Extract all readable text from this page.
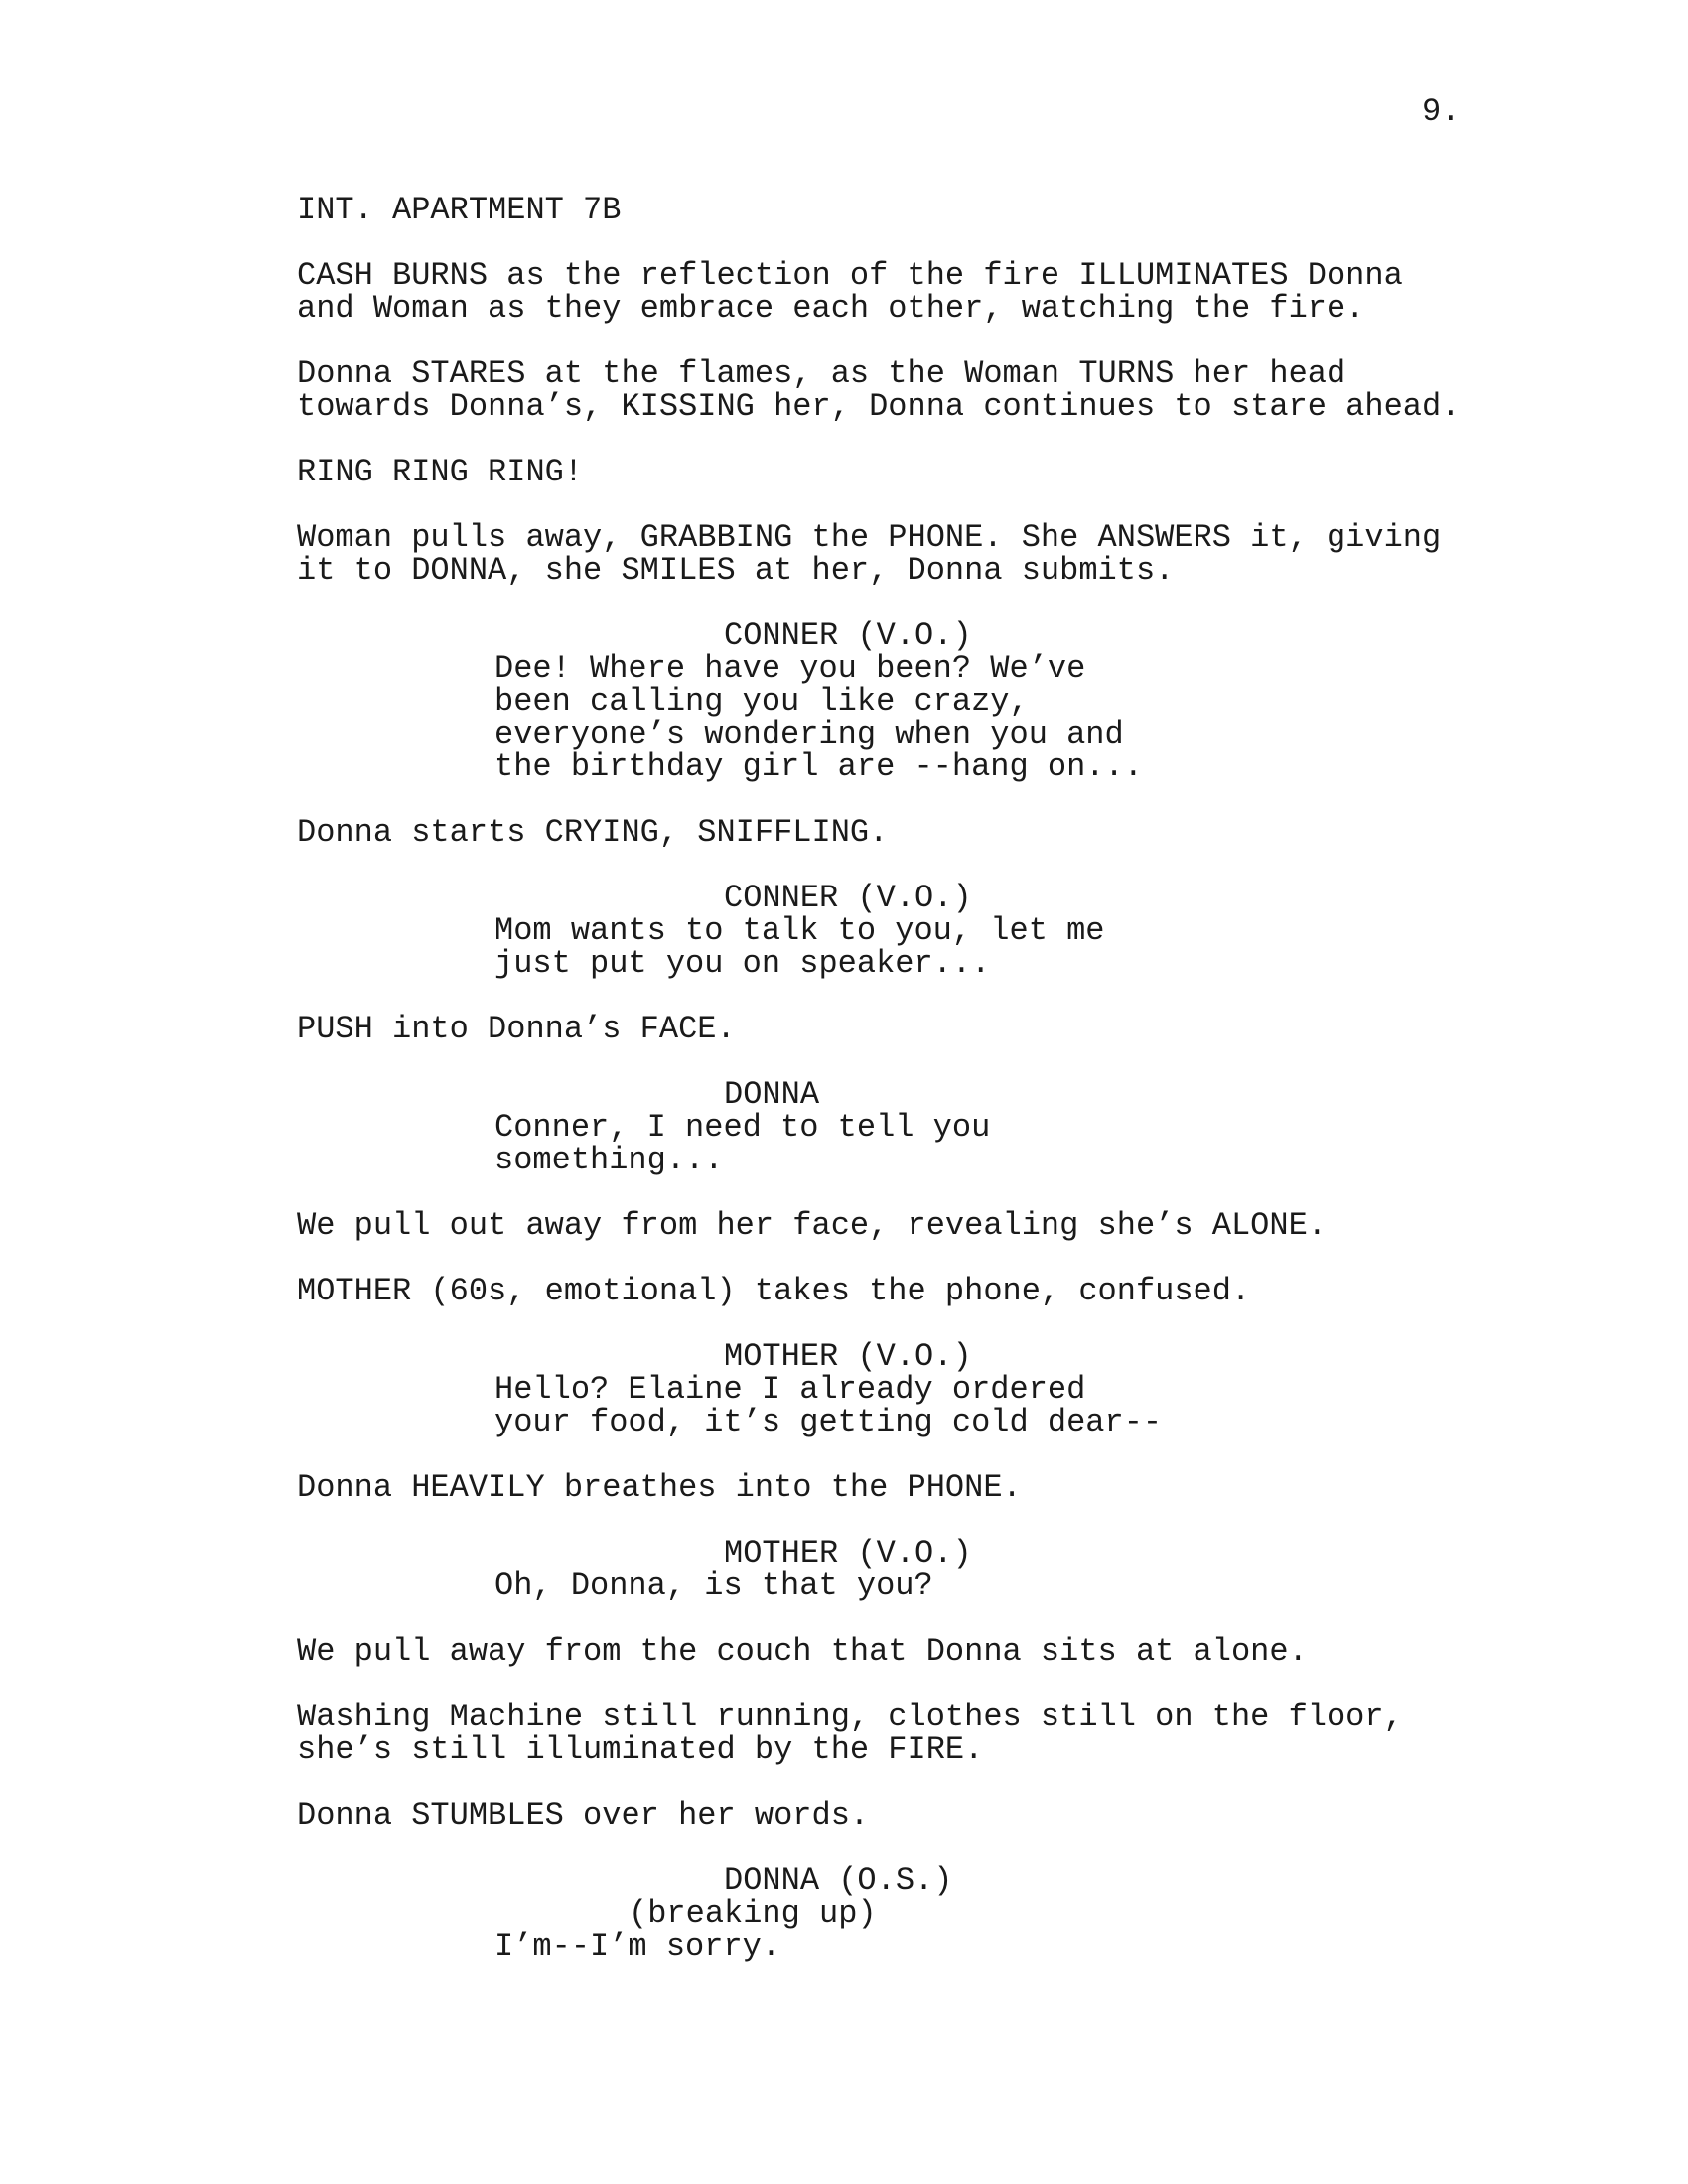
9.

INT. APARTMENT 7B

CASH BURNS as the reflection of the fire ILLUMINATES Donna
and Woman as they embrace each other, watching the fire.

Donna STARES at the flames, as the Woman TURNS her head
towards Donna’s, KISSING her, Donna continues to stare ahead.

RING RING RING!

Woman pulls away, GRABBING the PHONE. She ANSWERS it, giving
it to DONNA, she SMILES at her, Donna submits.

CONNER (V.O.)

Dee! Where have you been? We’ve
been calling you like crazy,
everyone’s wondering when you and
the birthday girl are --hang on...

Donna starts CRYING, SNIFFLING.

CONNER (V.O.)

Mom wants to talk to you, let me
just put you on speaker...

PUSH into Donna’s FACE.

DONNA

Conner, I need to tell you
something...

We pull out away from her face, revealing she’s ALONE.

MOTHER (60s, emotional) takes the phone, confused.

MOTHER (V.O.)

Hello? Elaine I already ordered
your food, it’s getting cold dear--

Donna HEAVILY breathes into the PHONE.

MOTHER (V.O.)

Oh, Donna, is that you?

We pull away from the couch that Donna sits at alone.

Washing Machine still running, clothes still on the floor,
she’s still illuminated by the FIRE.

Donna STUMBLES over her words.

DONNA (O.S.)

(breaking up)

I’m--I’m sorry.
